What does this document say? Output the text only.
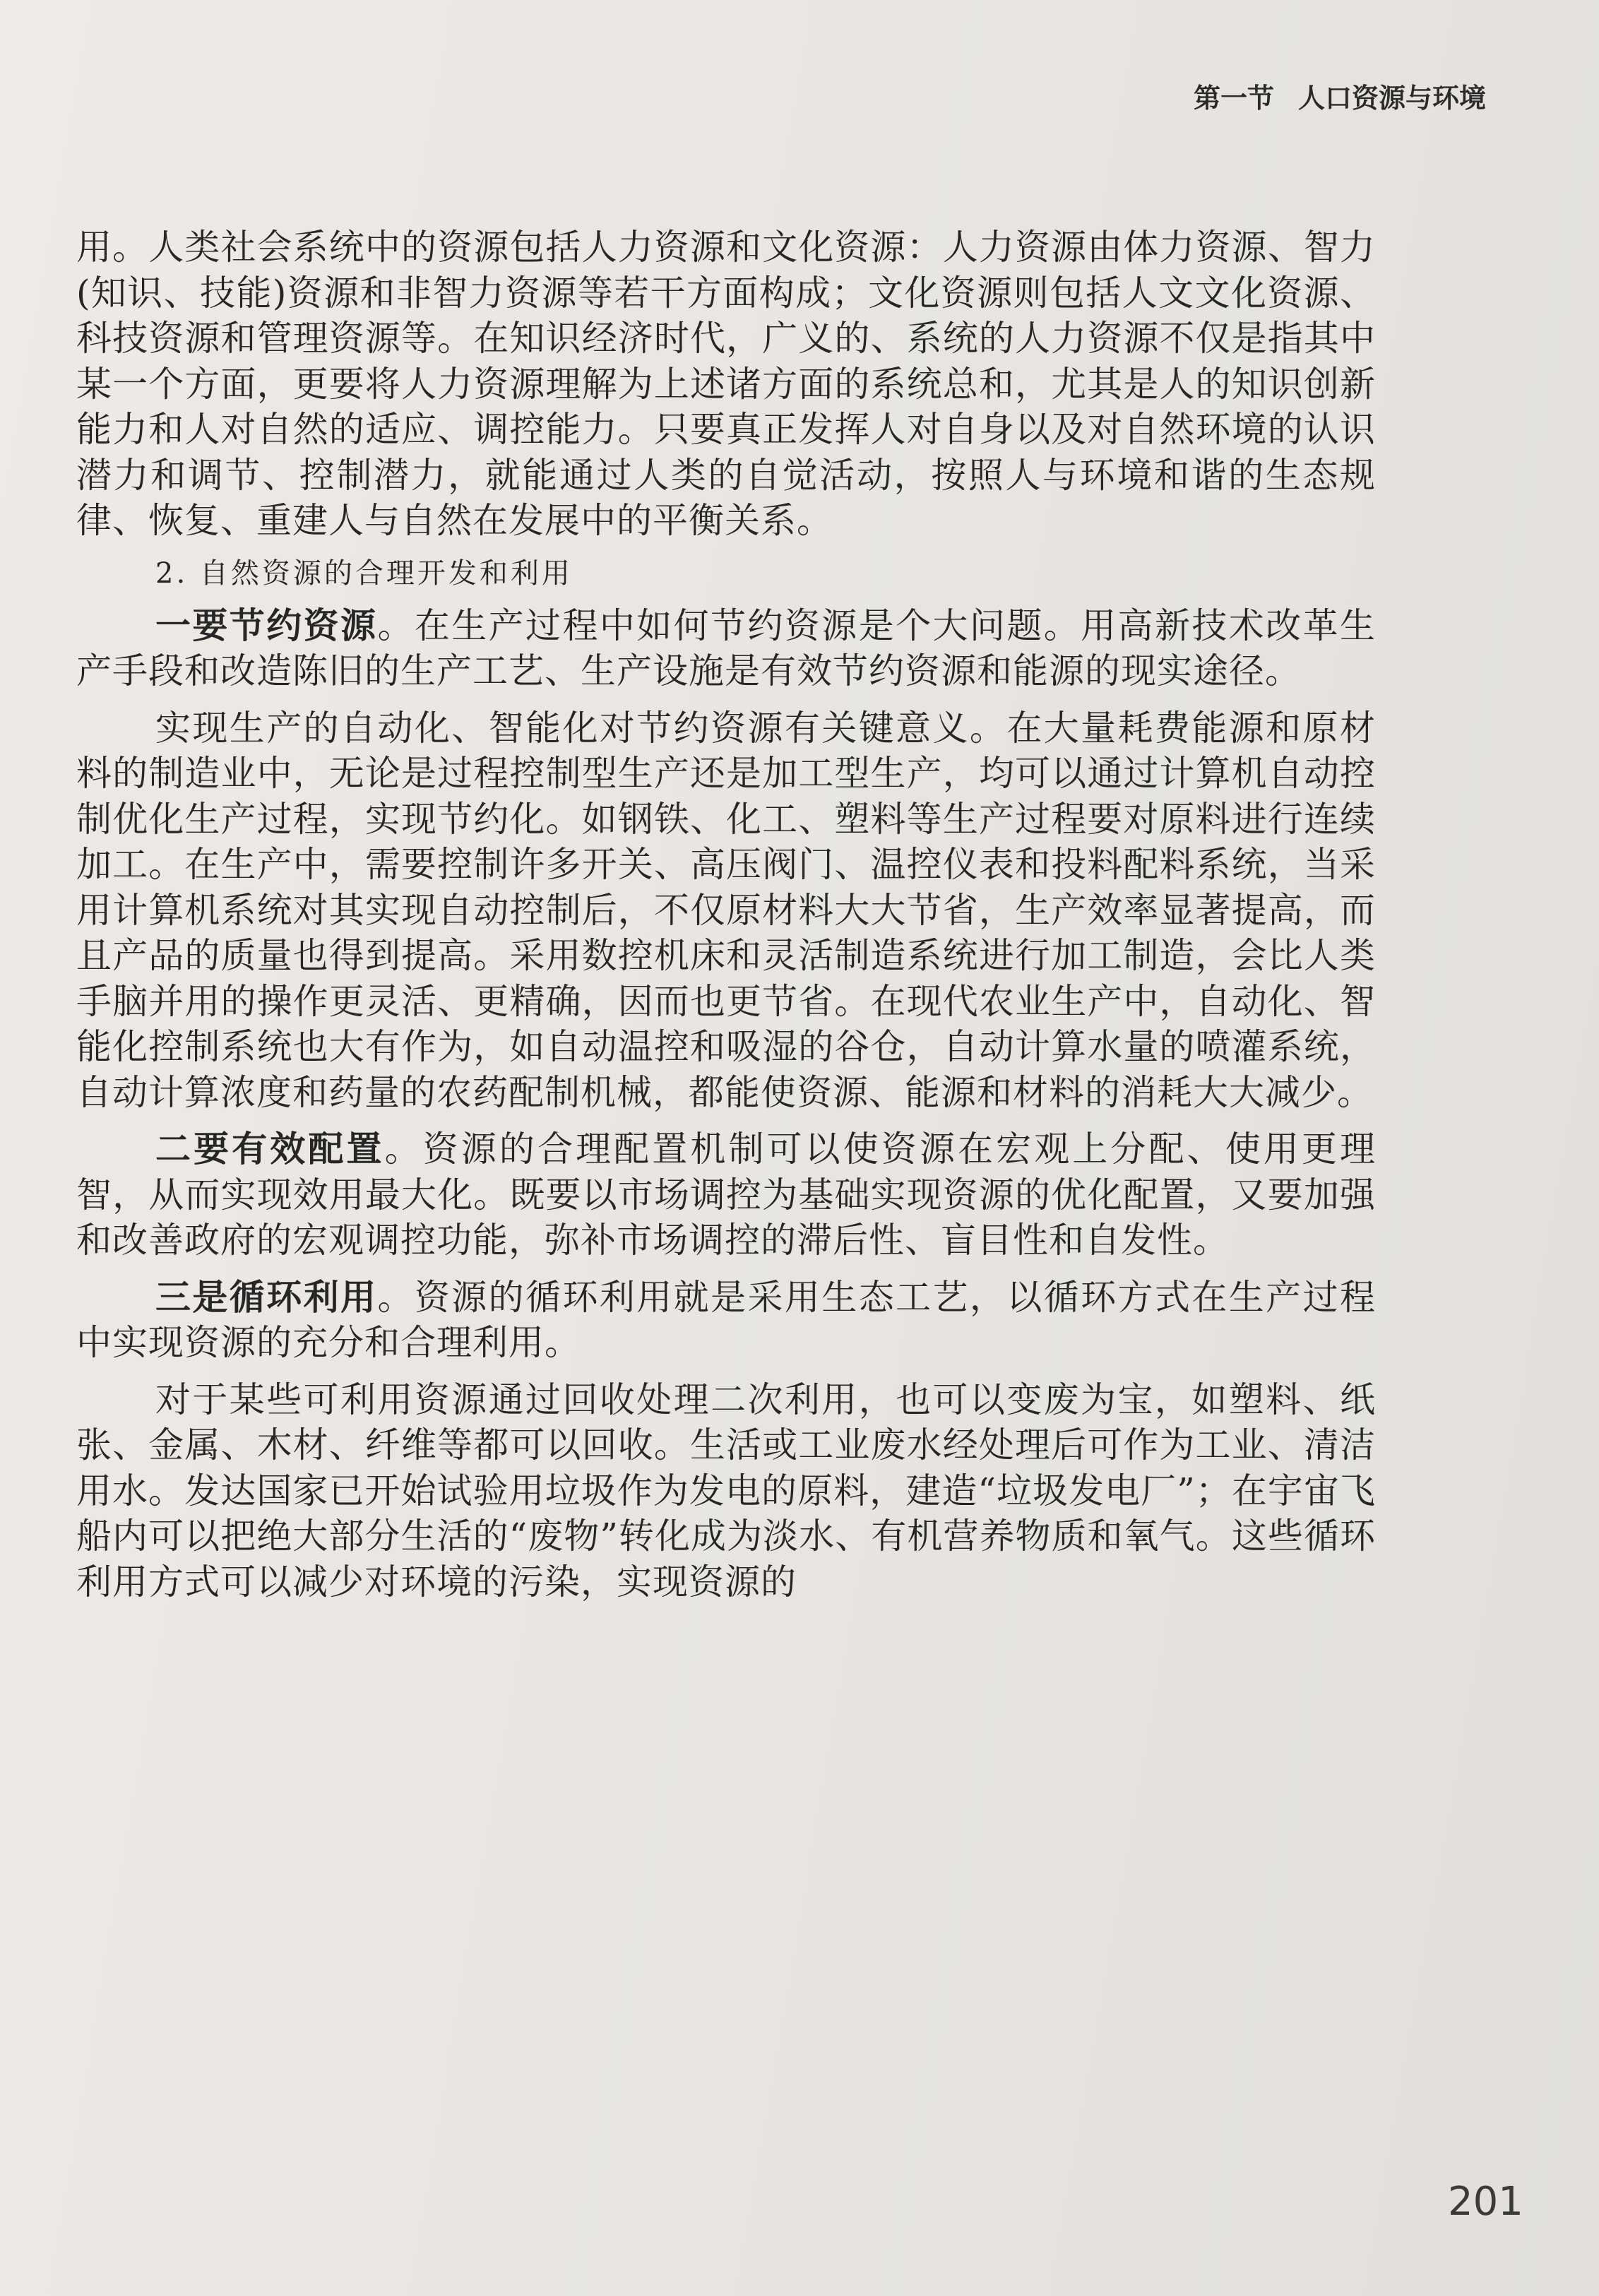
第一节 人口资源与环境

用。人类社会系统中的资源包括人力资源和文化资源：人力资源由体力资源、智力(知识、技能)资源和非智力资源等若干方面构成；文化资源则包括人文文化资源、科技资源和管理资源等。在知识经济时代，广义的、系统的人力资源不仅是指其中某一个方面，更要将人力资源理解为上述诸方面的系统总和，尤其是人的知识创新能力和人对自然的适应、调控能力。只要真正发挥人对自身以及对自然环境的认识潜力和调节、控制潜力，就能通过人类的自觉活动，按照人与环境和谐的生态规律、恢复、重建人与自然在发展中的平衡关系。

2. 自然资源的合理开发和利用

一要节约资源。在生产过程中如何节约资源是个大问题。用高新技术改革生产手段和改造陈旧的生产工艺、生产设施是有效节约资源和能源的现实途径。

实现生产的自动化、智能化对节约资源有关键意义。在大量耗费能源和原材料的制造业中，无论是过程控制型生产还是加工型生产，均可以通过计算机自动控制优化生产过程，实现节约化。如钢铁、化工、塑料等生产过程要对原料进行连续加工。在生产中，需要控制许多开关、高压阀门、温控仪表和投料配料系统，当采用计算机系统对其实现自动控制后，不仅原材料大大节省，生产效率显著提高，而且产品的质量也得到提高。采用数控机床和灵活制造系统进行加工制造，会比人类手脑并用的操作更灵活、更精确，因而也更节省。在现代农业生产中，自动化、智能化控制系统也大有作为，如自动温控和吸湿的谷仓，自动计算水量的喷灌系统，自动计算浓度和药量的农药配制机械，都能使资源、能源和材料的消耗大大减少。

二要有效配置。资源的合理配置机制可以使资源在宏观上分配、使用更理智，从而实现效用最大化。既要以市场调控为基础实现资源的优化配置，又要加强和改善政府的宏观调控功能，弥补市场调控的滞后性、盲目性和自发性。

三是循环利用。资源的循环利用就是采用生态工艺，以循环方式在生产过程中实现资源的充分和合理利用。

对于某些可利用资源通过回收处理二次利用，也可以变废为宝，如塑料、纸张、金属、木材、纤维等都可以回收。生活或工业废水经处理后可作为工业、清洁用水。发达国家已开始试验用垃圾作为发电的原料，建造“垃圾发电厂”；在宇宙飞船内可以把绝大部分生活的“废物”转化成为淡水、有机营养物质和氧气。这些循环利用方式可以减少对环境的污染，实现资源的

201
